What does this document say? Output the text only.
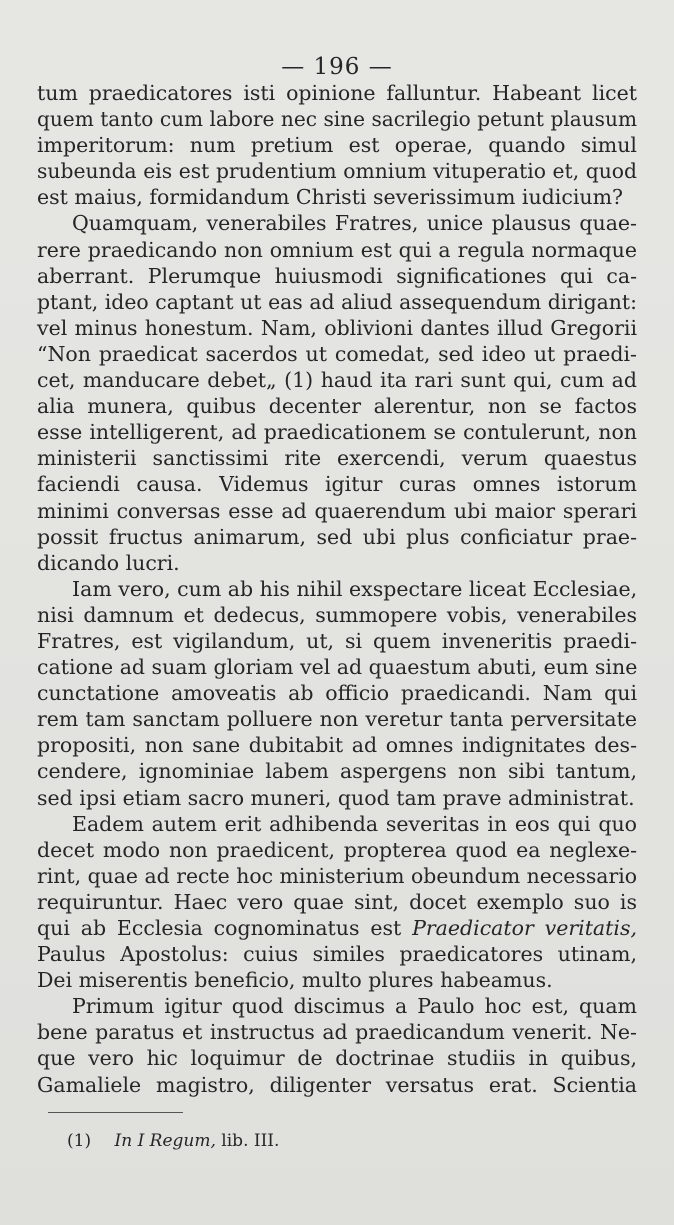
— 196 —
tum praedicatores isti opinione falluntur. Habeant licet
quem tanto cum labore nec sine sacrilegio petunt plausum
imperitorum: num pretium est operae, quando simul
subeunda eis est prudentium omnium vituperatio et, quod
est maius, formidandum Christi severissimum iudicium?
Quamquam, venerabiles Fratres, unice plausus quae-
rere praedicando non omnium est qui a regula normaque
aberrant. Plerumque huiusmodi significationes qui ca-
ptant, ideo captant ut eas ad aliud assequendum dirigant:
vel minus honestum. Nam, oblivioni dantes illud Gregorii
“Non praedicat sacerdos ut comedat, sed ideo ut praedi-
cet, manducare debet„ (1) haud ita rari sunt qui, cum ad
alia munera, quibus decenter alerentur, non se factos
esse intelligerent, ad praedicationem se contulerunt, non
ministerii sanctissimi rite exercendi, verum quaestus
faciendi causa. Videmus igitur curas omnes istorum
minimi conversas esse ad quaerendum ubi maior sperari
possit fructus animarum, sed ubi plus conficiatur prae-
dicando lucri.
Iam vero, cum ab his nihil exspectare liceat Ecclesiae,
nisi damnum et dedecus, summopere vobis, venerabiles
Fratres, est vigilandum, ut, si quem inveneritis praedi-
catione ad suam gloriam vel ad quaestum abuti, eum sine
cunctatione amoveatis ab officio praedicandi. Nam qui
rem tam sanctam polluere non veretur tanta perversitate
propositi, non sane dubitabit ad omnes indignitates des-
cendere, ignominiae labem aspergens non sibi tantum,
sed ipsi etiam sacro muneri, quod tam prave administrat.
Eadem autem erit adhibenda severitas in eos qui quo
decet modo non praedicent, propterea quod ea neglexe-
rint, quae ad recte hoc ministerium obeundum necessario
requiruntur. Haec vero quae sint, docet exemplo suo is
qui ab Ecclesia cognominatus est Praedicator veritatis,
Paulus Apostolus: cuius similes praedicatores utinam,
Dei miserentis beneficio, multo plures habeamus.
Primum igitur quod discimus a Paulo hoc est, quam
bene paratus et instructus ad praedicandum venerit. Ne-
que vero hic loquimur de doctrinae studiis in quibus,
Gamaliele magistro, diligenter versatus erat. Scientia
(1) In I Regum, lib. III.
